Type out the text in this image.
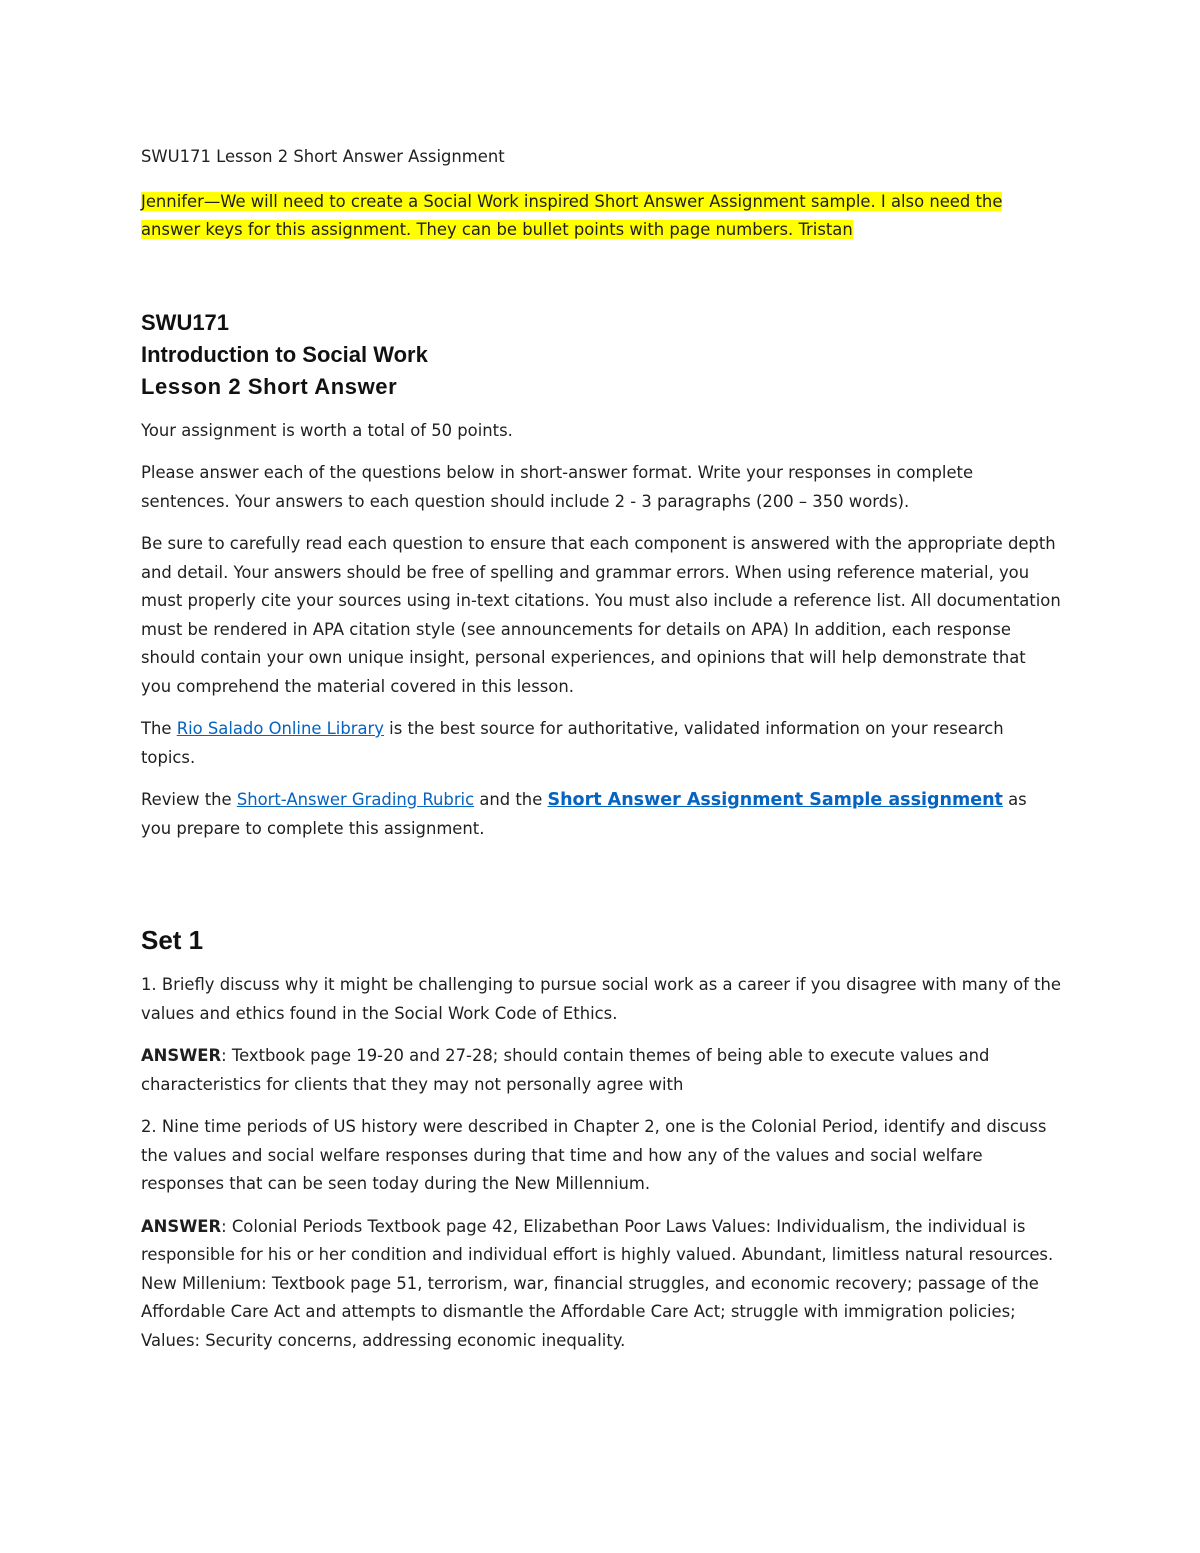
SWU171 Lesson 2 Short Answer Assignment

Jennifer—We will need to create a Social Work inspired Short Answer Assignment sample. I also need the answer keys for this assignment. They can be bullet points with page numbers. Tristan

SWU171
Introduction to Social Work
Lesson 2 Short Answer

Your assignment is worth a total of 50 points.

Please answer each of the questions below in short-answer format. Write your responses in complete sentences. Your answers to each question should include 2 - 3 paragraphs (200 – 350 words).

Be sure to carefully read each question to ensure that each component is answered with the appropriate depth and detail. Your answers should be free of spelling and grammar errors. When using reference material, you must properly cite your sources using in-text citations. You must also include a reference list. All documentation must be rendered in APA citation style (see announcements for details on APA) In addition, each response should contain your own unique insight, personal experiences, and opinions that will help demonstrate that you comprehend the material covered in this lesson.

The Rio Salado Online Library is the best source for authoritative, validated information on your research topics.

Review the Short-Answer Grading Rubric and the Short Answer Assignment Sample assignment as you prepare to complete this assignment.

Set 1

1. Briefly discuss why it might be challenging to pursue social work as a career if you disagree with many of the values and ethics found in the Social Work Code of Ethics.

ANSWER: Textbook page 19-20 and 27-28; should contain themes of being able to execute values and characteristics for clients that they may not personally agree with

2. Nine time periods of US history were described in Chapter 2, one is the Colonial Period, identify and discuss the values and social welfare responses during that time and how any of the values and social welfare responses that can be seen today during the New Millennium.

ANSWER: Colonial Periods Textbook page 42, Elizabethan Poor Laws Values: Individualism, the individual is responsible for his or her condition and individual effort is highly valued. Abundant, limitless natural resources. New Millenium: Textbook page 51, terrorism, war, financial struggles, and economic recovery; passage of the Affordable Care Act and attempts to dismantle the Affordable Care Act; struggle with immigration policies; Values: Security concerns, addressing economic inequality.
